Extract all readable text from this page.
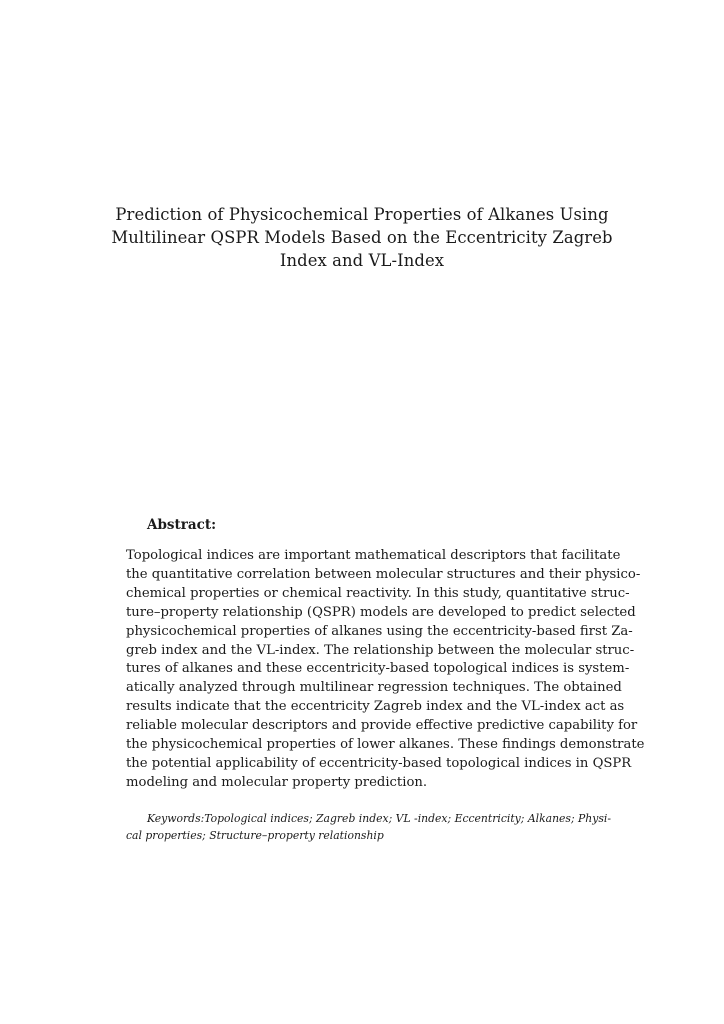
Prediction of Physicochemical Properties of Alkanes Using
Multilinear QSPR Models Based on the Eccentricity Zagreb
Index and VL-Index
Abstract:
Topological indices are important mathematical descriptors that facilitate
the quantitative correlation between molecular structures and their physico-
chemical properties or chemical reactivity. In this study, quantitative struc-
ture–property relationship (QSPR) models are developed to predict selected
physicochemical properties of alkanes using the eccentricity-based first Za-
greb index and the VL-index. The relationship between the molecular struc-
tures of alkanes and these eccentricity-based topological indices is system-
atically analyzed through multilinear regression techniques. The obtained
results indicate that the eccentricity Zagreb index and the VL-index act as
reliable molecular descriptors and provide effective predictive capability for
the physicochemical properties of lower alkanes. These findings demonstrate
the potential applicability of eccentricity-based topological indices in QSPR
modeling and molecular property prediction.
Keywords:Topological indices; Zagreb index; VL -index; Eccentricity; Alkanes; Physi-
cal properties; Structure–property relationship
